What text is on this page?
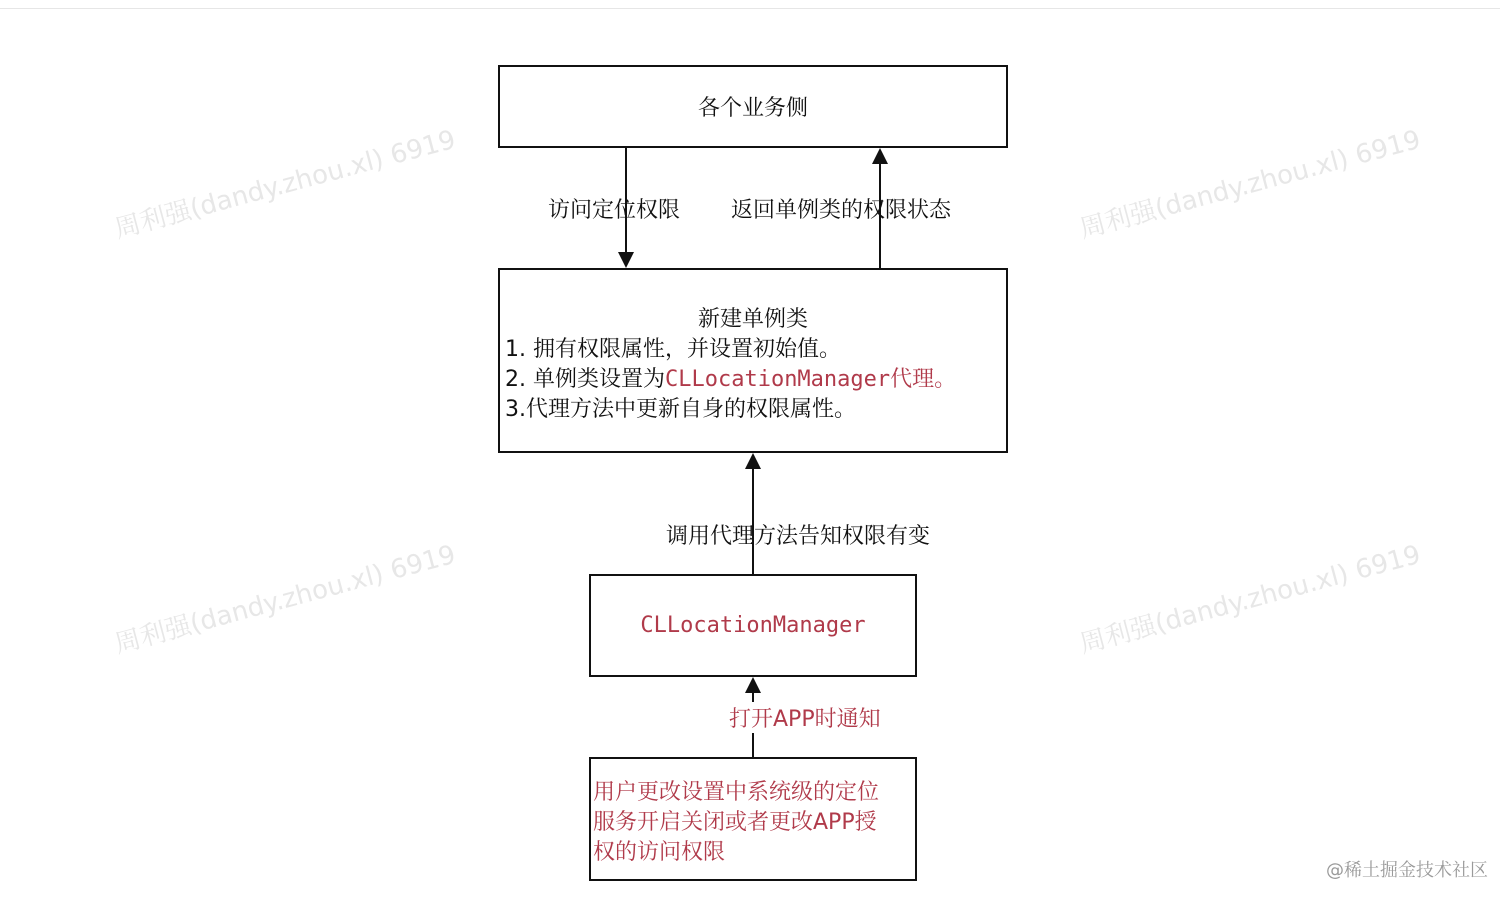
周利强(dandy.zhou.xl) 6919	周利强(dandy.zhou.xl) 6919
周利强(dandy.zhou.xl) 6919	周利强(dandy.zhou.xl) 6919
各个业务侧
访问定位权限 返回单例类的权限状态
新建单例类
1. 拥有权限属性，并设置初始值。
2. 单例类设置为CLLocationManager代理。
3.代理方法中更新自身的权限属性。
调用代理方法告知权限有变
CLLocationManager
打开APP时通知
用户更改设置中系统级的定位
服务开启关闭或者更改APP授
权的访问权限
@稀土掘金技术社区
